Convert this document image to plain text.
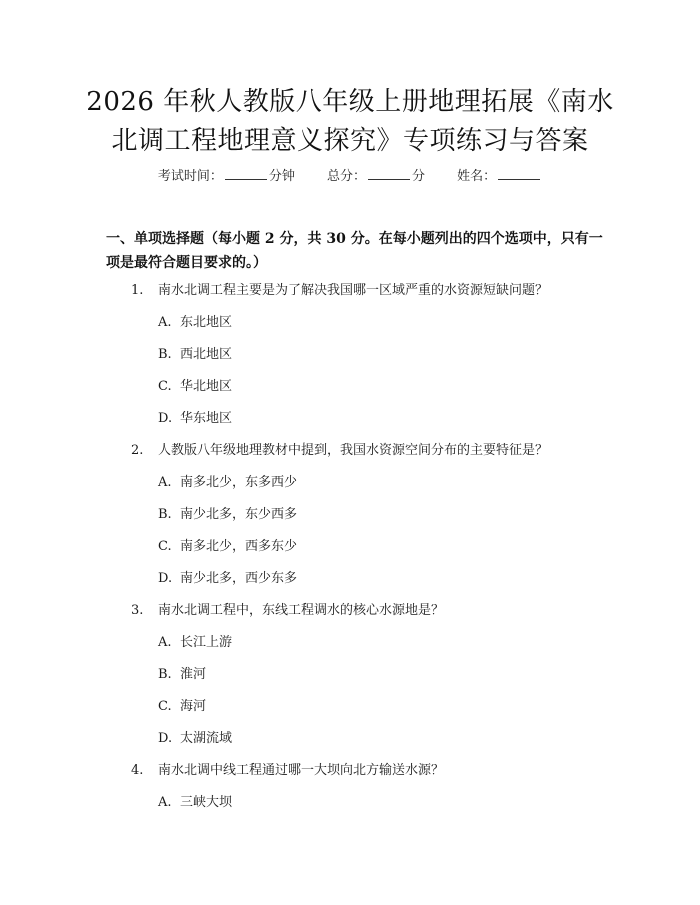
2026 年秋人教版八年级上册地理拓展《南水
北调工程地理意义探究》专项练习与答案
考试时间：	分钟 总分：	分 姓名：
一、单项选择题（每小题 2 分，共 30 分。在每小题列出的四个选项中，只有一项是最符合题目要求的。）
1. 南水北调工程主要是为了解决我国哪一区域严重的水资源短缺问题？
A. 东北地区
B. 西北地区
C. 华北地区
D. 华东地区
2. 人教版八年级地理教材中提到，我国水资源空间分布的主要特征是？
A. 南多北少，东多西少
B. 南少北多，东少西多
C. 南多北少，西多东少
D. 南少北多，西少东多
3. 南水北调工程中，东线工程调水的核心水源地是？
A. 长江上游
B. 淮河
C. 海河
D. 太湖流域
4. 南水北调中线工程通过哪一大坝向北方输送水源？
A. 三峡大坝
